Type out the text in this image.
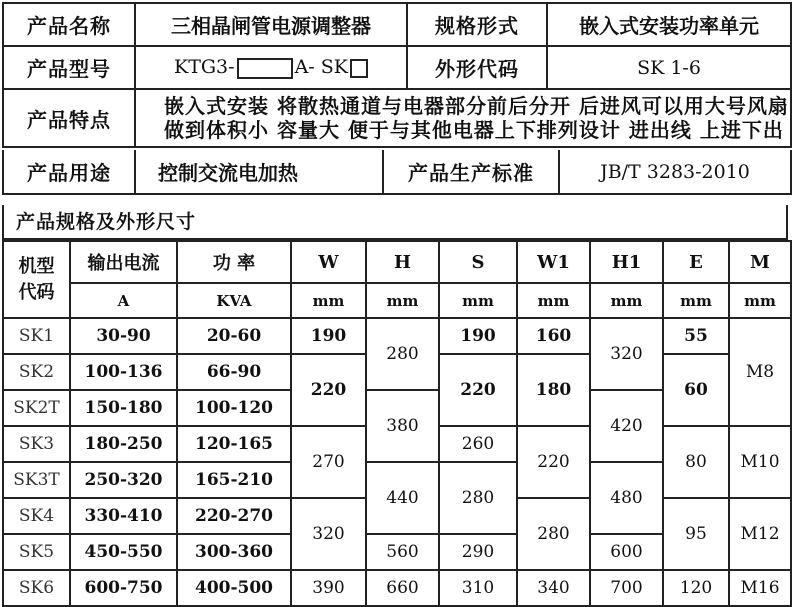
产品名称	三相晶闸管电源调整器	规格形式	嵌入式安装功率单元
产品型号	KTG3- A- SK	外形代码	SK 1-6
产品特点	嵌入式安装 将散热通道与电器部分前后分开 后进风可以用大号风扇
做到体积小 容量大 便于与其他电器上下排列设计 进出线 上进下出		
产品用途	控制交流电加热	产品生产标准	JB/T 3283-2010
产品规格及外形尺寸
机型
代码	输出电流	功 率	W	H	S	W1	H1	E	M
	A	KVA	mm	mm	mm	mm	mm	mm	mm
SK1	30-90	20-60	190	280	190	160	320	55	M8
SK2	100-136	66-90	220		220	180		60	
SK2T	150-180	100-120		380			420		
SK3	180-250	120-165	270		260	220		80	M10
SK3T	250-320	165-210		440	280		480		
SK4	330-410	220-270	320			280		95	M12
SK5	450-550	300-360		560	290		600		
SK6	600-750	400-500	390	660	310	340	700	120	M16
